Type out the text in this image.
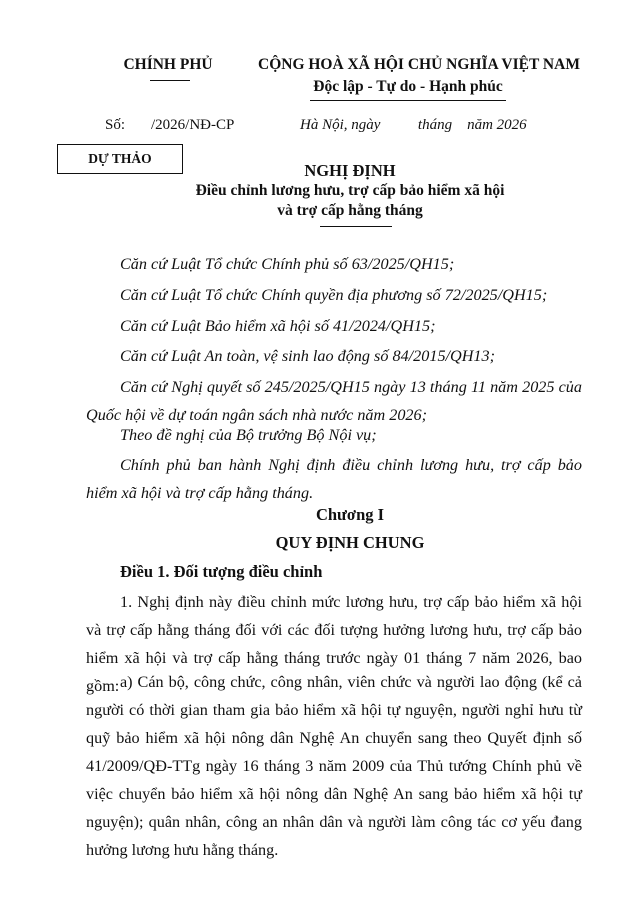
CHÍNH PHỦ	CỘNG HOÀ XÃ HỘI CHỦ NGHĨA VIỆT NAM
Độc lập - Tự do - Hạnh phúc
Số: /2026/NĐ-CP	Hà Nội, ngày          tháng    năm 2026
DỰ THẢO
NGHỊ ĐỊNH
Điều chỉnh lương hưu, trợ cấp bảo hiểm xã hội
và trợ cấp hằng tháng
Căn cứ Luật Tổ chức Chính phủ số 63/2025/QH15;
Căn cứ Luật Tổ chức Chính quyền địa phương số 72/2025/QH15;
Căn cứ Luật Bảo hiểm xã hội số 41/2024/QH15;
Căn cứ Luật An toàn, vệ sinh lao động số 84/2015/QH13;
Căn cứ Nghị quyết số 245/2025/QH15 ngày 13 tháng 11 năm 2025 của Quốc hội về dự toán ngân sách nhà nước năm 2026;
Theo đề nghị của Bộ trưởng Bộ Nội vụ;
Chính phủ ban hành Nghị định điều chỉnh lương hưu, trợ cấp bảo hiểm xã hội và trợ cấp hằng tháng.
Chương I
QUY ĐỊNH CHUNG
Điều 1. Đối tượng điều chỉnh
1. Nghị định này điều chỉnh mức lương hưu, trợ cấp bảo hiểm xã hội và trợ cấp hằng tháng đối với các đối tượng hưởng lương hưu, trợ cấp bảo hiểm xã hội và trợ cấp hằng tháng trước ngày 01 tháng 7 năm 2026, bao gồm: a) Cán bộ, công chức, công nhân, viên chức và người lao động (kể cả người có thời gian tham gia bảo hiểm xã hội tự nguyện, người nghỉ hưu từ quỹ bảo hiểm xã hội nông dân Nghệ An chuyển sang theo Quyết định số 41/2009/QĐ-TTg ngày 16 tháng 3 năm 2009 của Thủ tướng Chính phủ về việc chuyển bảo hiểm xã hội nông dân Nghệ An sang bảo hiểm xã hội tự nguyện); quân nhân, công an nhân dân và người làm công tác cơ yếu đang hưởng lương hưu hằng tháng.
